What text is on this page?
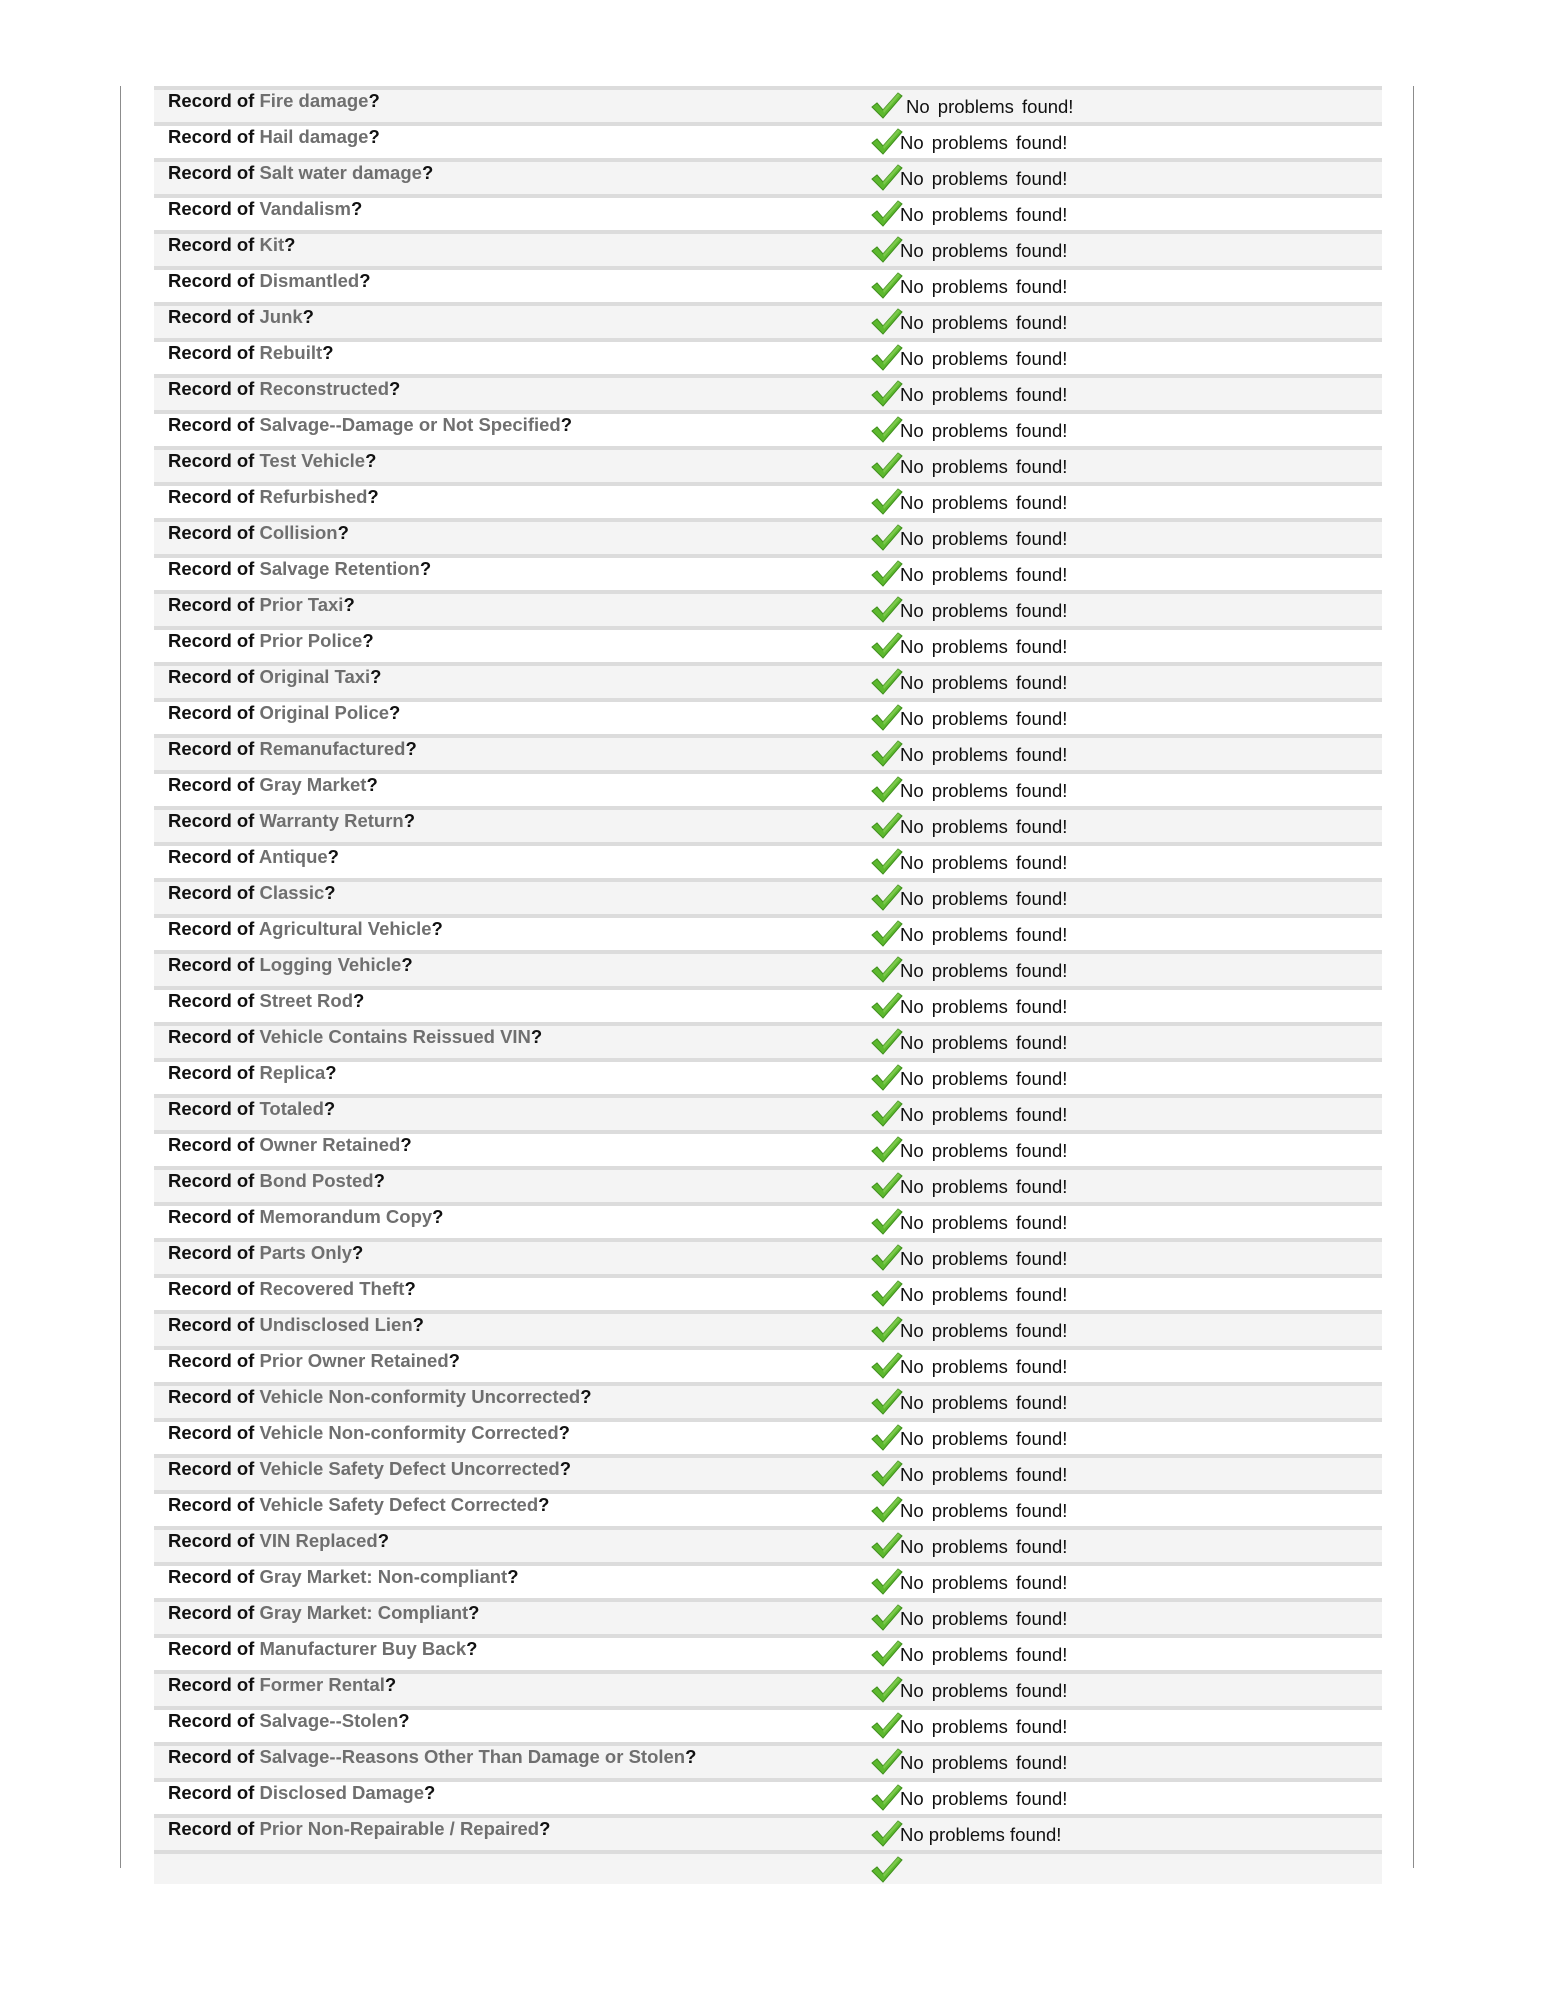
Record of Fire damage?	No problems found!
Record of Hail damage?	No problems found!
Record of Salt water damage?	No problems found!
Record of Vandalism?	No problems found!
Record of Kit?	No problems found!
Record of Dismantled?	No problems found!
Record of Junk?	No problems found!
Record of Rebuilt?	No problems found!
Record of Reconstructed?	No problems found!
Record of Salvage--Damage or Not Specified?	No problems found!
Record of Test Vehicle?	No problems found!
Record of Refurbished?	No problems found!
Record of Collision?	No problems found!
Record of Salvage Retention?	No problems found!
Record of Prior Taxi?	No problems found!
Record of Prior Police?	No problems found!
Record of Original Taxi?	No problems found!
Record of Original Police?	No problems found!
Record of Remanufactured?	No problems found!
Record of Gray Market?	No problems found!
Record of Warranty Return?	No problems found!
Record of Antique?	No problems found!
Record of Classic?	No problems found!
Record of Agricultural Vehicle?	No problems found!
Record of Logging Vehicle?	No problems found!
Record of Street Rod?	No problems found!
Record of Vehicle Contains Reissued VIN?	No problems found!
Record of Replica?	No problems found!
Record of Totaled?	No problems found!
Record of Owner Retained?	No problems found!
Record of Bond Posted?	No problems found!
Record of Memorandum Copy?	No problems found!
Record of Parts Only?	No problems found!
Record of Recovered Theft?	No problems found!
Record of Undisclosed Lien?	No problems found!
Record of Prior Owner Retained?	No problems found!
Record of Vehicle Non-conformity Uncorrected?	No problems found!
Record of Vehicle Non-conformity Corrected?	No problems found!
Record of Vehicle Safety Defect Uncorrected?	No problems found!
Record of Vehicle Safety Defect Corrected?	No problems found!
Record of VIN Replaced?	No problems found!
Record of Gray Market: Non-compliant?	No problems found!
Record of Gray Market: Compliant?	No problems found!
Record of Manufacturer Buy Back?	No problems found!
Record of Former Rental?	No problems found!
Record of Salvage--Stolen?	No problems found!
Record of Salvage--Reasons Other Than Damage or Stolen?	No problems found!
Record of Disclosed Damage?	No problems found!
Record of Prior Non-Repairable / Repaired?	No problems found!
